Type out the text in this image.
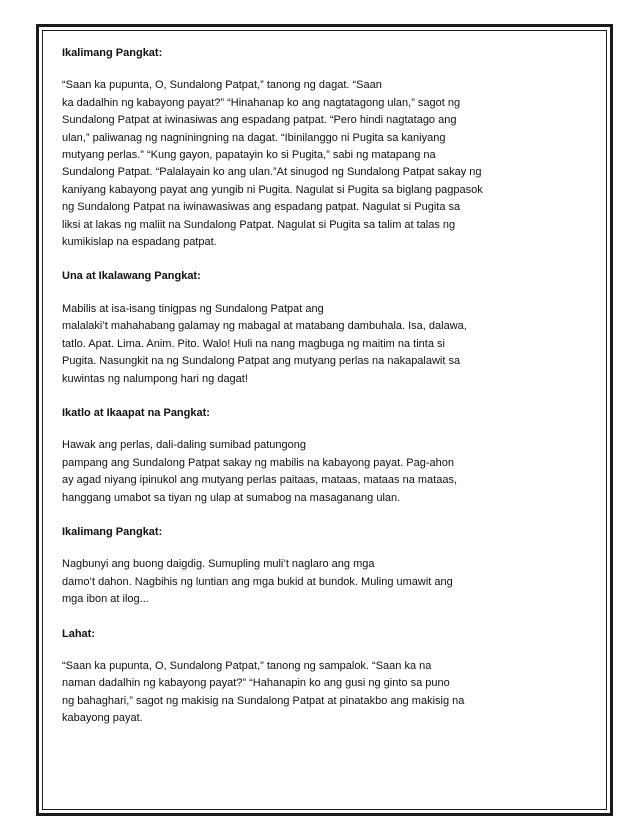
Ikalimang Pangkat:
“Saan ka pupunta, O, Sundalong Patpat,” tanong ng dagat. “Saan
ka dadalhin ng kabayong payat?” “Hinahanap ko ang nagtatagong ulan,” sagot ng
Sundalong Patpat at iwinasiwas ang espadang patpat. “Pero hindi nagtatago ang
ulan,” paliwanag ng nagniningning na dagat. “Ibinilanggo ni Pugita sa kaniyang
mutyang perlas.” “Kung gayon, papatayin ko si Pugita,” sabi ng matapang na
Sundalong Patpat. “Palalayain ko ang ulan.”At sinugod ng Sundalong Patpat sakay ng
kaniyang kabayong payat ang yungib ni Pugita. Nagulat si Pugita sa biglang pagpasok
ng Sundalong Patpat na iwinawasiwas ang espadang patpat. Nagulat si Pugita sa
liksi at lakas ng maliit na Sundalong Patpat. Nagulat si Pugita sa talim at talas ng
kumikislap na espadang patpat.
Una at Ikalawang Pangkat:
Mabilis at isa-isang tinigpas ng Sundalong Patpat ang
malalaki’t mahahabang galamay ng mabagal at matabang dambuhala. Isa, dalawa,
tatlo. Apat. Lima. Anim. Pito. Walo! Huli na nang magbuga ng maitim na tinta si
Pugita. Nasungkit na ng Sundalong Patpat ang mutyang perlas na nakapalawit sa
kuwintas ng nalumpong hari ng dagat!
Ikatlo at Ikaapat na Pangkat:
Hawak ang perlas, dali-daling sumibad patungong
pampang ang Sundalong Patpat sakay ng mabilis na kabayong payat. Pag-ahon
ay agad niyang ipinukol ang mutyang perlas paitaas, mataas, mataas na mataas,
hanggang umabot sa tiyan ng ulap at sumabog na masaganang ulan.
Ikalimang Pangkat:
Nagbunyi ang buong daigdig. Sumupling muli’t naglaro ang mga
damo’t dahon. Nagbihis ng luntian ang mga bukid at bundok. Muling umawit ang
mga ibon at ilog...
Lahat:
“Saan ka pupunta, O, Sundalong Patpat,” tanong ng sampalok. “Saan ka na
naman dadalhin ng kabayong payat?” “Hahanapin ko ang gusi ng ginto sa puno
ng bahaghari,” sagot ng makisig na Sundalong Patpat at pinatakbo ang makisig na
kabayong payat.
